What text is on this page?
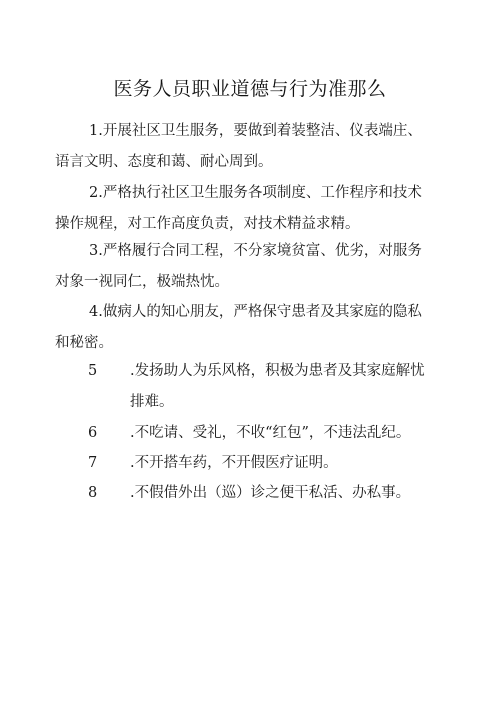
医务人员职业道德与行为准那么
1.开展社区卫生服务，要做到着装整洁、仪表端庄、
语言文明、态度和蔼、耐心周到。
2.严格执行社区卫生服务各项制度、工作程序和技术
操作规程，对工作高度负责，对技术精益求精。
3.严格履行合同工程，不分家境贫富、优劣，对服务
对象一视同仁，极端热忱。
4.做病人的知心朋友，严格保守患者及其家庭的隐私
和秘密。
5 .发扬助人为乐风格，积极为患者及其家庭解忧
排难。
6 .不吃请、受礼，不收“红包”，不违法乱纪。
7 .不开搭车药，不开假医疗证明。
8 .不假借外出（巡）诊之便干私活、办私事。
